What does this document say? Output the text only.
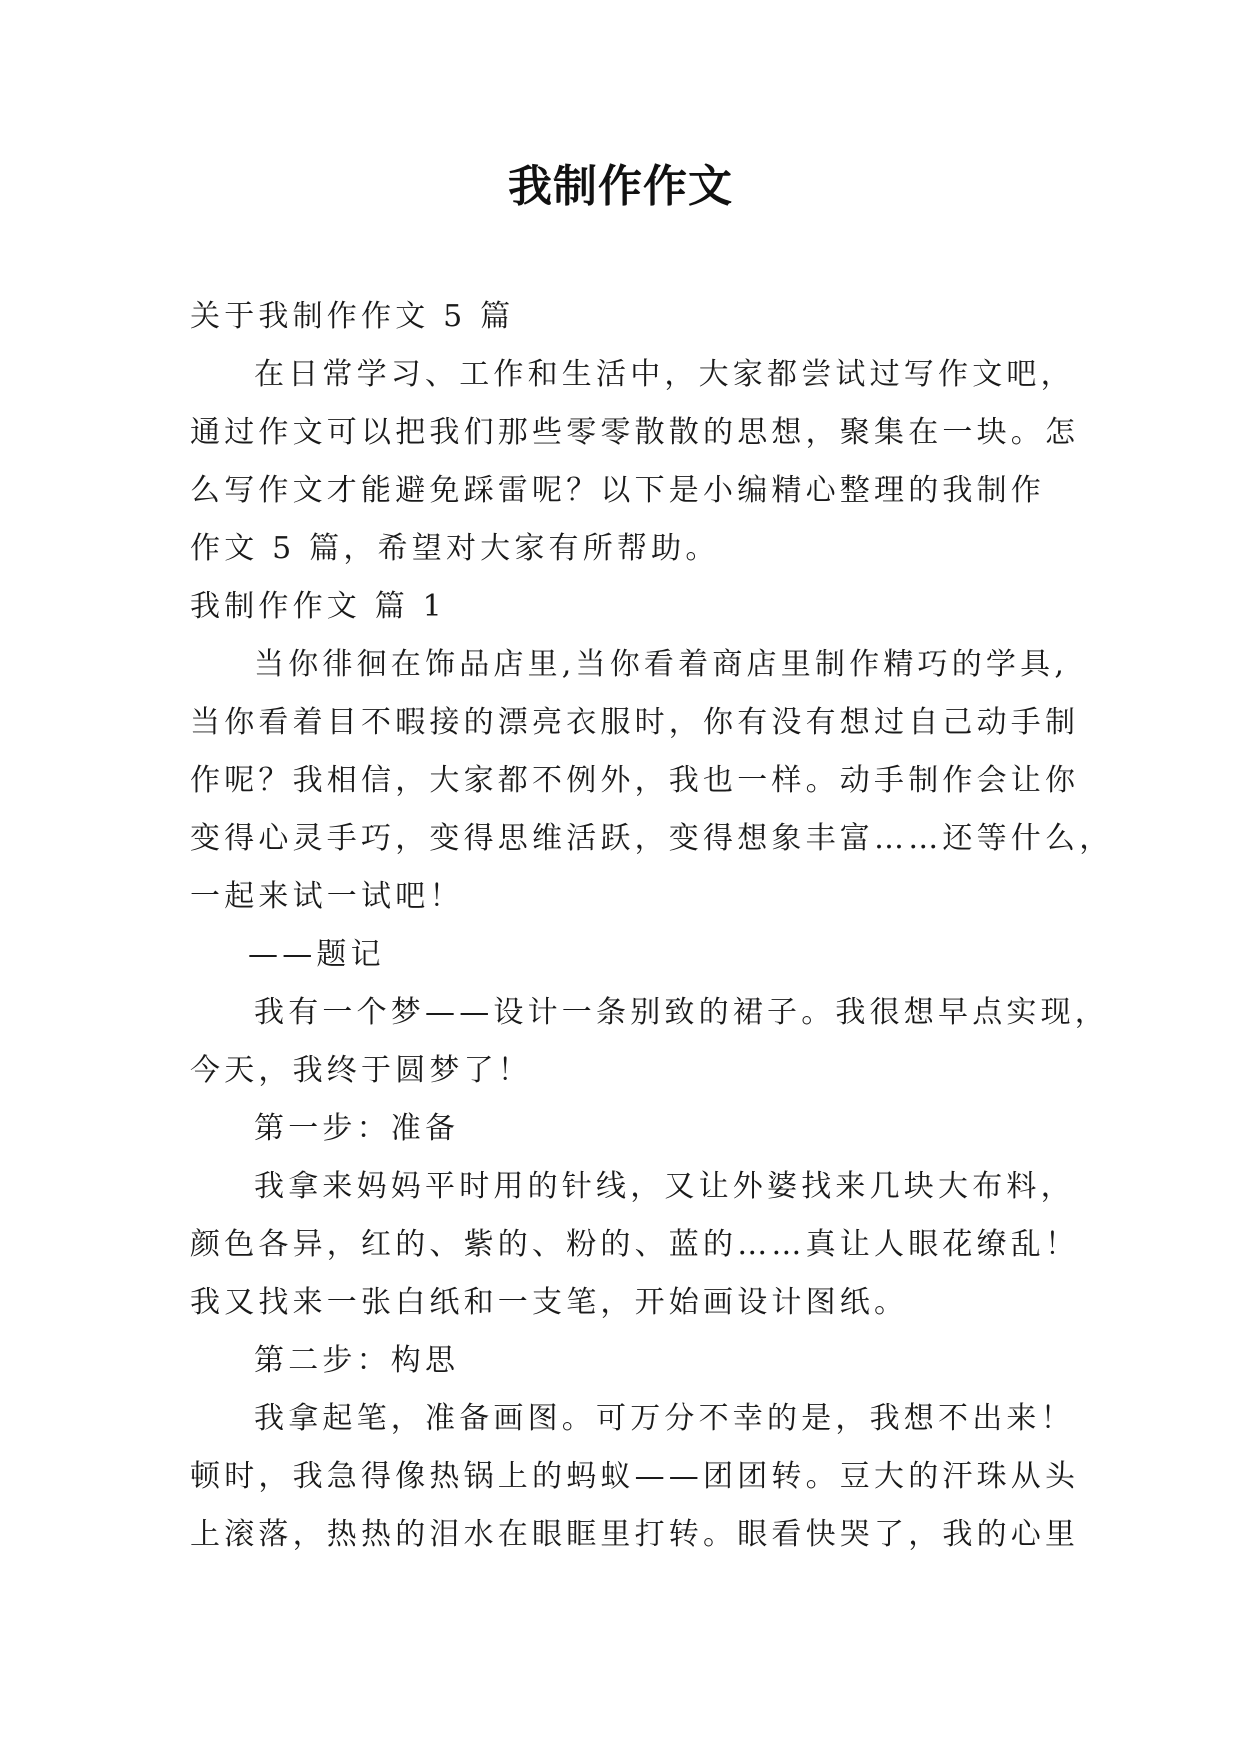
我制作作文

关于我制作作文 5 篇

在日常学习、工作和生活中，大家都尝试过写作文吧，
通过作文可以把我们那些零零散散的思想，聚集在一块。怎
么写作文才能避免踩雷呢？以下是小编精心整理的我制作
作文 5 篇，希望对大家有所帮助。

我制作作文 篇 1

当你徘徊在饰品店里,当你看着商店里制作精巧的学具,
当你看着目不暇接的漂亮衣服时，你有没有想过自己动手制
作呢？我相信，大家都不例外，我也一样。动手制作会让你
变得心灵手巧，变得思维活跃，变得想象丰富……还等什么，
一起来试一试吧！

——题记

我有一个梦——设计一条别致的裙子。我很想早点实现，
今天，我终于圆梦了！

第一步：准备

我拿来妈妈平时用的针线，又让外婆找来几块大布料，
颜色各异，红的、紫的、粉的、蓝的……真让人眼花缭乱！
我又找来一张白纸和一支笔，开始画设计图纸。

第二步：构思

我拿起笔，准备画图。可万分不幸的是，我想不出来！
顿时，我急得像热锅上的蚂蚁——团团转。豆大的汗珠从头
上滚落，热热的泪水在眼眶里打转。眼看快哭了，我的心里
